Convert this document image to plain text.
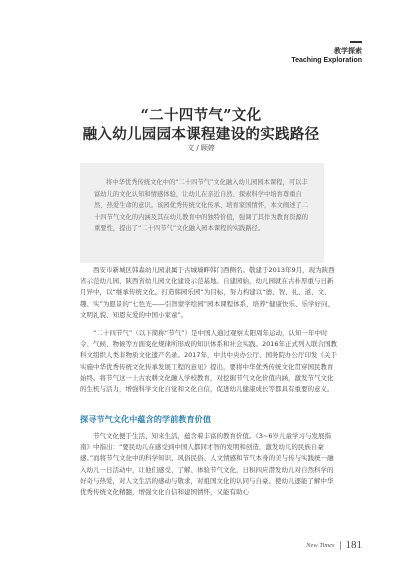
教学探索
Teaching Exploration
“二十四节气”文化
融入幼儿园园本课程建设的实践路径
文 / 顾婷
将中华优秀传统文化中的“二十四节气”文化融入幼儿园园本课程，可以丰富幼儿的文化认知和情感体验，让幼儿在亲近自然、探索科学中培育尊重自然、热爱生命的意识。该园优秀传统文化传承、培育家国情怀，本文阐述了二十四节气文化的内涵及其在幼儿教育中的独特价值，强调了其作为教育资源的重要性，提出了“二十四节气”文化融入园本课程的实践路径。
西安市新城区韩森幼儿园隶属于古城墙畔韩门西侧名。敬建于2013年9月，现为陕西省示范幼儿园、陕西省幼儿园文化建设示范基地。自建园始，幼儿园就在古朴厚重与日新月异中，以“继承传统文化，打造韩园乐园”为目标，努力构建以“德、智、礼、道、文、趣、实”为愿景的“七色光——引智蒙学绘园”园本课程体系，培养“健康快乐、乐学好问、文明礼貌、知恩友爱的中国小家童”。
“二十四节气”（以下简称“节气”）是中国人通过观察太阳周年运动，认知一年中时令、气候、物候等方面变化规律所形成的知识体系和社会实践。2016年正式列入联合国教科文组织人类非物质文化遗产名录。2017年，中共中央办公厅、国务院办公厅印发《关于实施中华优秀传统文化传承发展工程的意见》提出，要将中华优秀传统文化贯穿国民教育始终。将节气这一上古农耕文化融入学校教育，对挖掘节气文化价值内涵，激发节气文化的生机与活力，增强科学文化自觉和文化自信，促进幼儿健康成长等都具有重要的意义。
探寻节气文化中蕴含的学前教育价值
节气文化便于生活、知来生活，蕴含着丰富的教育价值。《3~6岁儿童学习与发展指南》中指出：“要民幼儿在感受到中国人都同才智的发明和创造，激发幼儿的民族自豪感。”而将节气文化中的科学知识、风俗民俗、人文情感和节气本身的美与传与实践统一融入幼儿一日活动中，让他们感受、了解、体验节气文化，日积四应潜发幼儿对自然科学的好奇与热爱，对人文生活的感动与敬求，对祖国文化的认同与自豪。使幼儿逐能了解中华优秀传统文化精髓，增强文化自信和建国情怀，又能有助心
New Times 181
